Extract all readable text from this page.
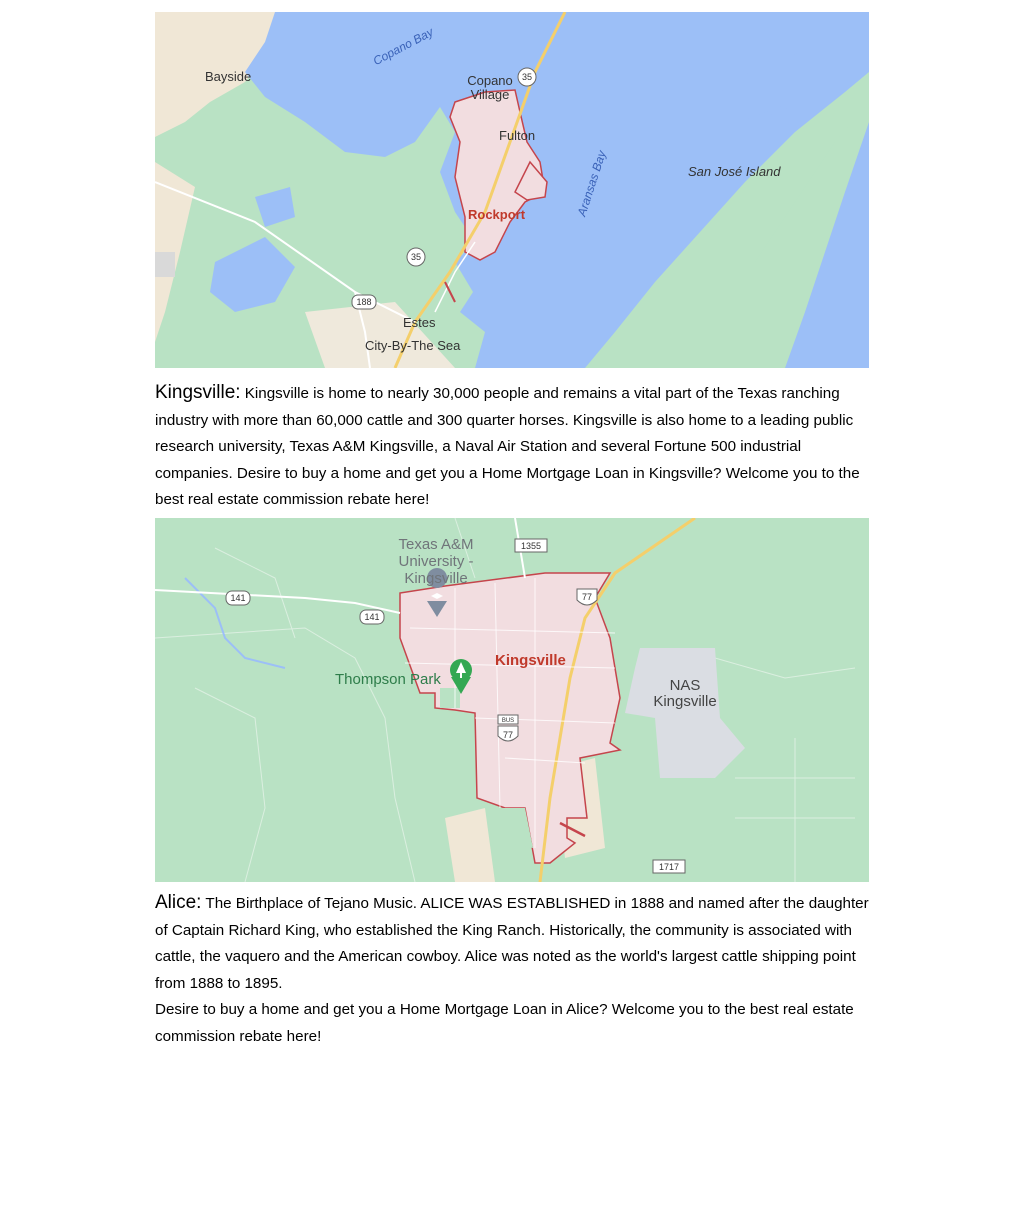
35
35
188
Copano Bay
Bayside	Copano
Village
Fulton
Rockport	Aransas Bay	San José Island
Estes
City-By-The Sea

Kingsville: Kingsville is home to nearly 30,000 people and remains a vital part of the Texas ranching industry with more than 60,000 cattle and 300 quarter horses. Kingsville is also home to a leading public research university, Texas A&M Kingsville, a Naval Air Station and several Fortune 500 industrial companies. Desire to buy a home and get you a Home Mortgage Loan in Kingsville? Welcome you to the best real estate commission rebate here!

1355
141
141
77
BUS
77
1717
Texas A&M
University -
Kingsville
Thompson Park
Kingsville
NAS
Kingsville

Alice: The Birthplace of Tejano Music. ALICE WAS ESTABLISHED in 1888 and named after the daughter of Captain Richard King, who established the King Ranch. Historically, the community is associated with cattle, the vaquero and the American cowboy. Alice was noted as the world's largest cattle shipping point from 1888 to 1895.

Desire to buy a home and get you a Home Mortgage Loan in Alice? Welcome you to the best real estate commission rebate here!
